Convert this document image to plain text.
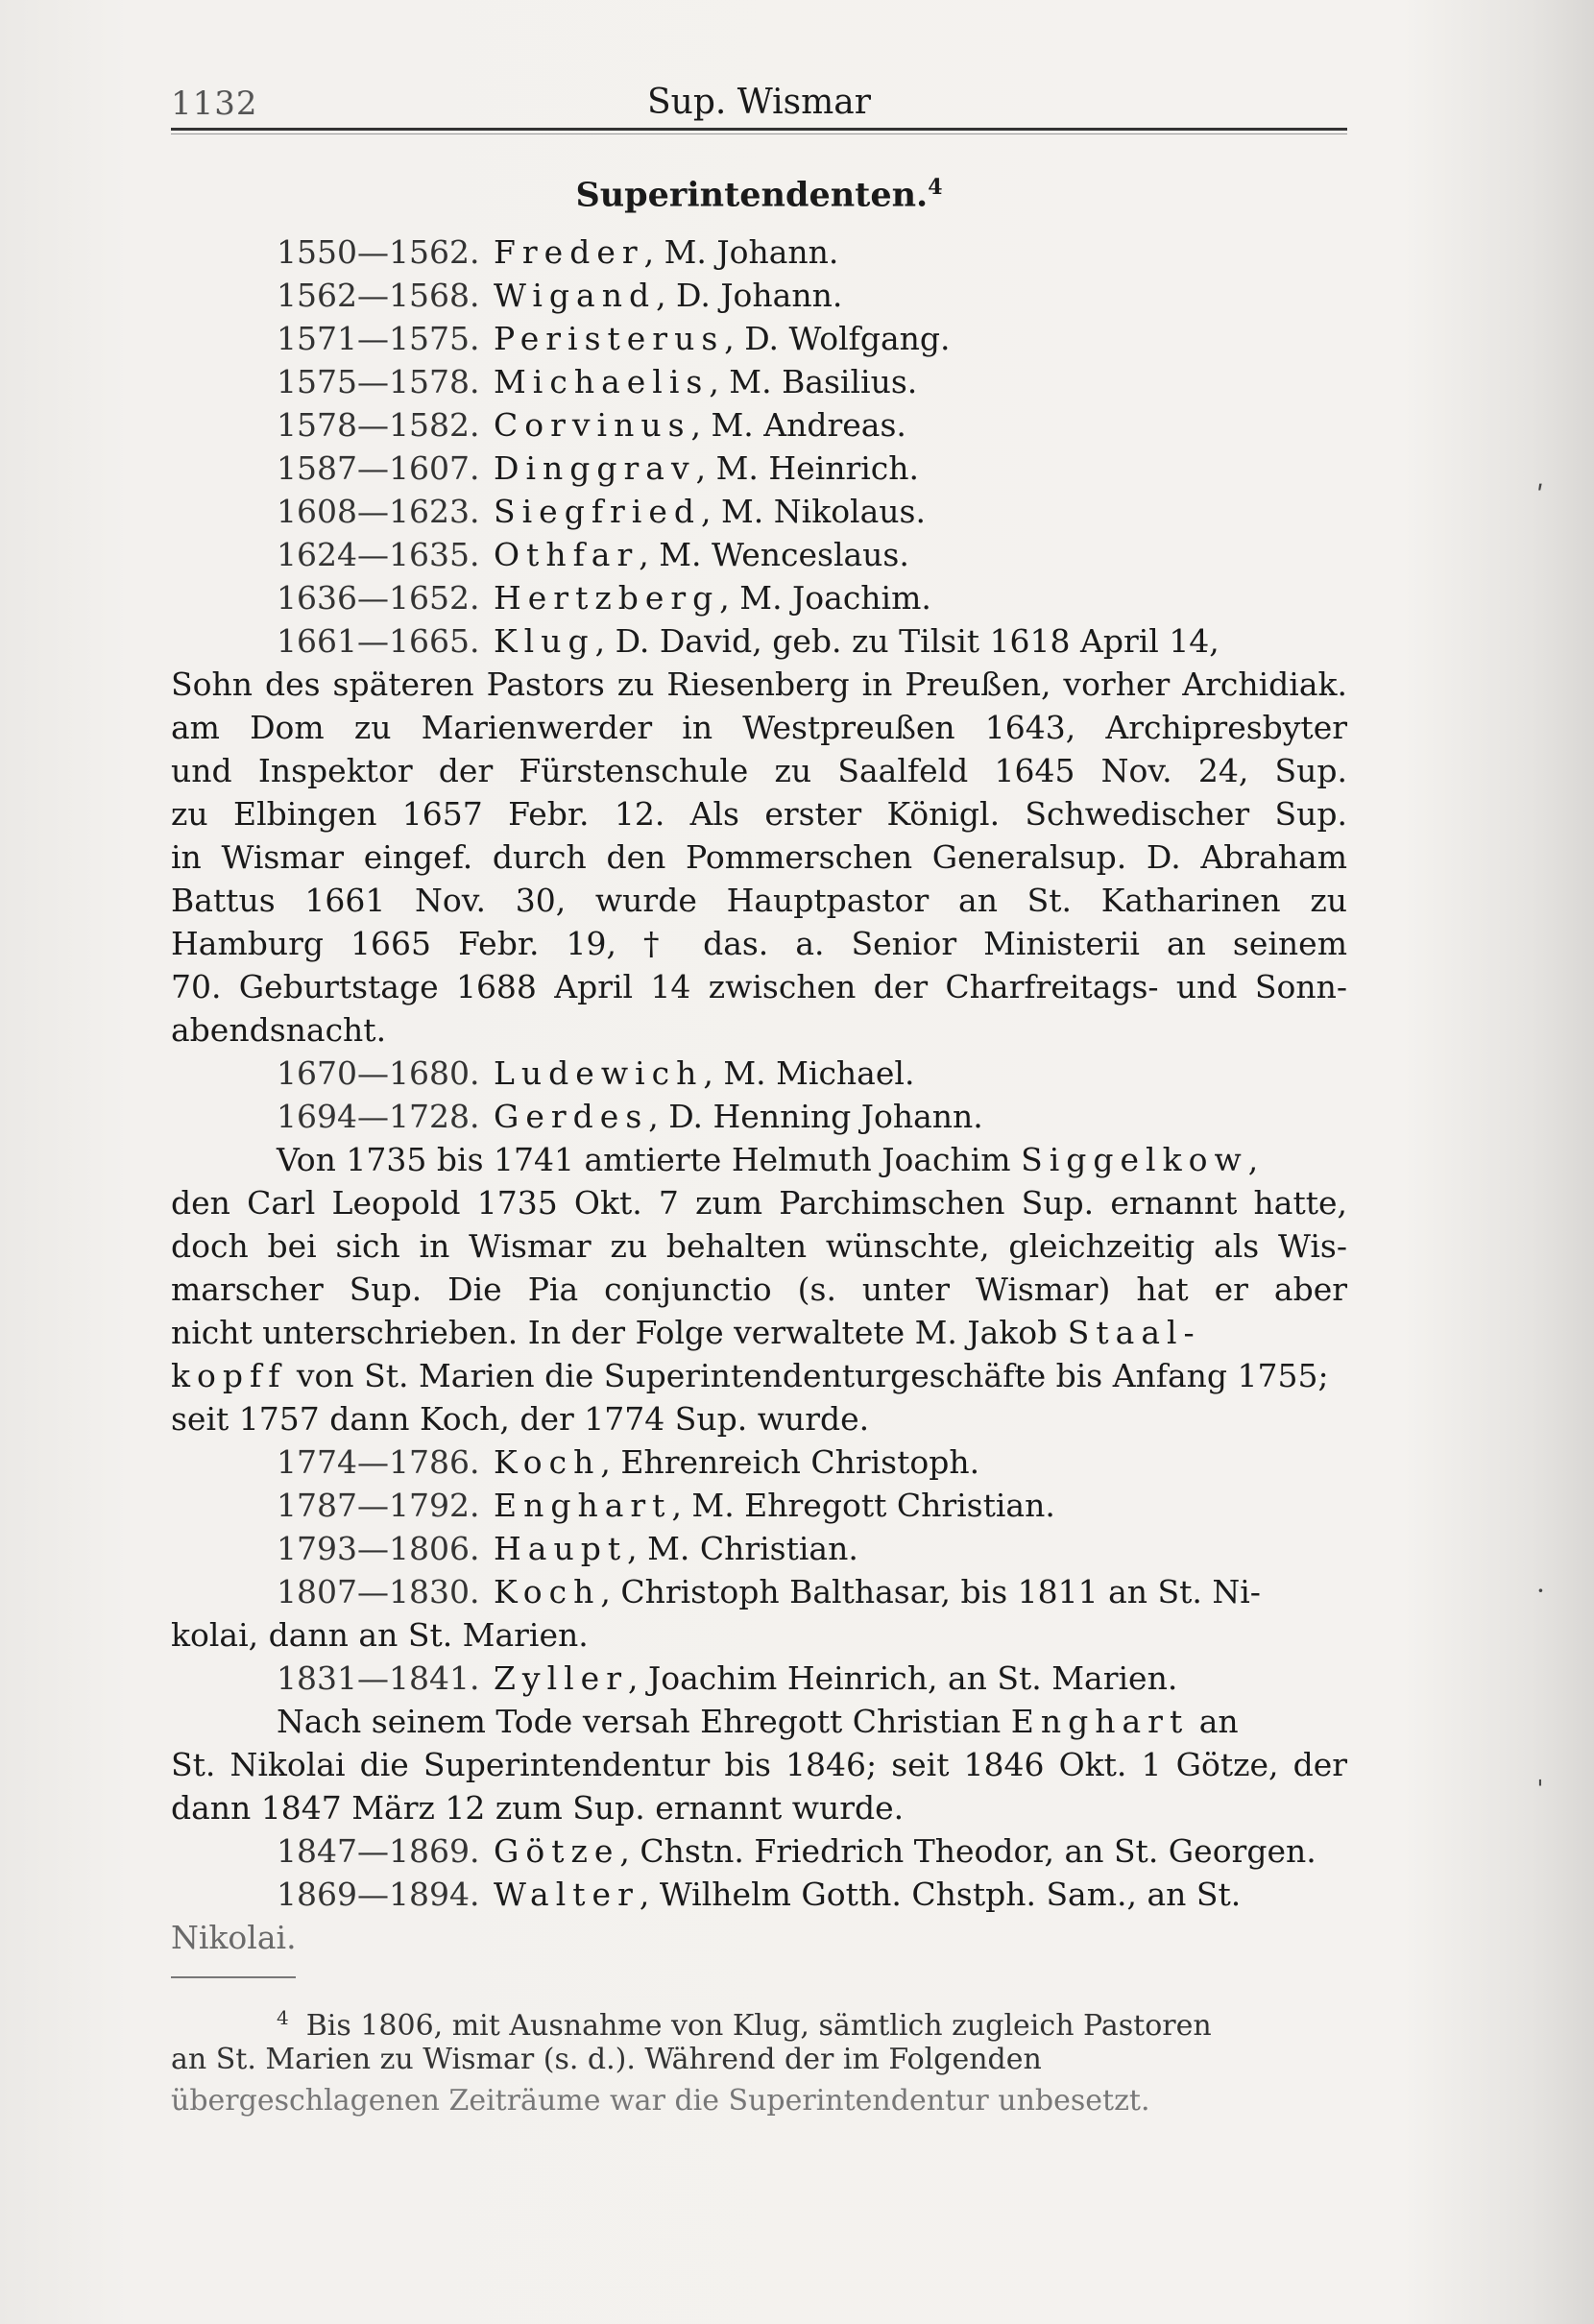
1132	Sup. Wismar
Superintendenten.$^4$
1550—1562. Freder, M. Johann.
1562—1568. Wigand, D. Johann.
1571—1575. Peristerus, D. Wolfgang.
1575—1578. Michaelis, M. Basilius.
1578—1582. Corvinus, M. Andreas.
1587—1607. Dinggrav, M. Heinrich.
1608—1623. Siegfried, M. Nikolaus.
1624—1635. Othfar, M. Wenceslaus.
1636—1652. Hertzberg, M. Joachim.
1661—1665. Klug, D. David, geb. zu Tilsit 1618 April 14,
Sohn des späteren Pastors zu Riesenberg in Preußen, vorher Archidiak.
am Dom zu Marienwerder in Westpreußen 1643, Archipresbyter
und Inspektor der Fürstenschule zu Saalfeld 1645 Nov. 24, Sup.
zu Elbingen 1657 Febr. 12. Als erster Königl. Schwedischer Sup.
in Wismar eingef. durch den Pommerschen Generalsup. D. Abraham
Battus 1661 Nov. 30, wurde Hauptpastor an St. Katharinen zu
Hamburg 1665 Febr. 19, † das. a. Senior Ministerii an seinem
70. Geburtstage 1688 April 14 zwischen der Charfreitags- und Sonn-
abendsnacht.
1670—1680. Ludewich, M. Michael.
1694—1728. Gerdes, D. Henning Johann.
Von 1735 bis 1741 amtierte Helmuth Joachim Siggelkow,
den Carl Leopold 1735 Okt. 7 zum Parchimschen Sup. ernannt hatte,
doch bei sich in Wismar zu behalten wünschte, gleichzeitig als Wis-
marscher Sup. Die Pia conjunctio (s. unter Wismar) hat er aber
nicht unterschrieben. In der Folge verwaltete M. Jakob Staal-
kopff von St. Marien die Superintendenturgeschäfte bis Anfang 1755;
seit 1757 dann Koch, der 1774 Sup. wurde.
1774—1786. Koch, Ehrenreich Christoph.
1787—1792. Enghart, M. Ehregott Christian.
1793—1806. Haupt, M. Christian.
1807—1830. Koch, Christoph Balthasar, bis 1811 an St. Ni-
kolai, dann an St. Marien.
1831—1841. Zyller, Joachim Heinrich, an St. Marien.
Nach seinem Tode versah Ehregott Christian Enghart an
St. Nikolai die Superintendentur bis 1846; seit 1846 Okt. 1 Götze, der
dann 1847 März 12 zum Sup. ernannt wurde.
1847—1869. Götze, Chstn. Friedrich Theodor, an St. Georgen.
1869—1894. Walter, Wilhelm Gotth. Chstph. Sam., an St.
Nikolai.
$^4$ Bis 1806, mit Ausnahme von Klug, sämtlich zugleich Pastoren
an St. Marien zu Wismar (s. d.). Während der im Folgenden
übergeschlagenen Zeiträume war die Superintendentur unbesetzt.
ʹ
·
ˌ
